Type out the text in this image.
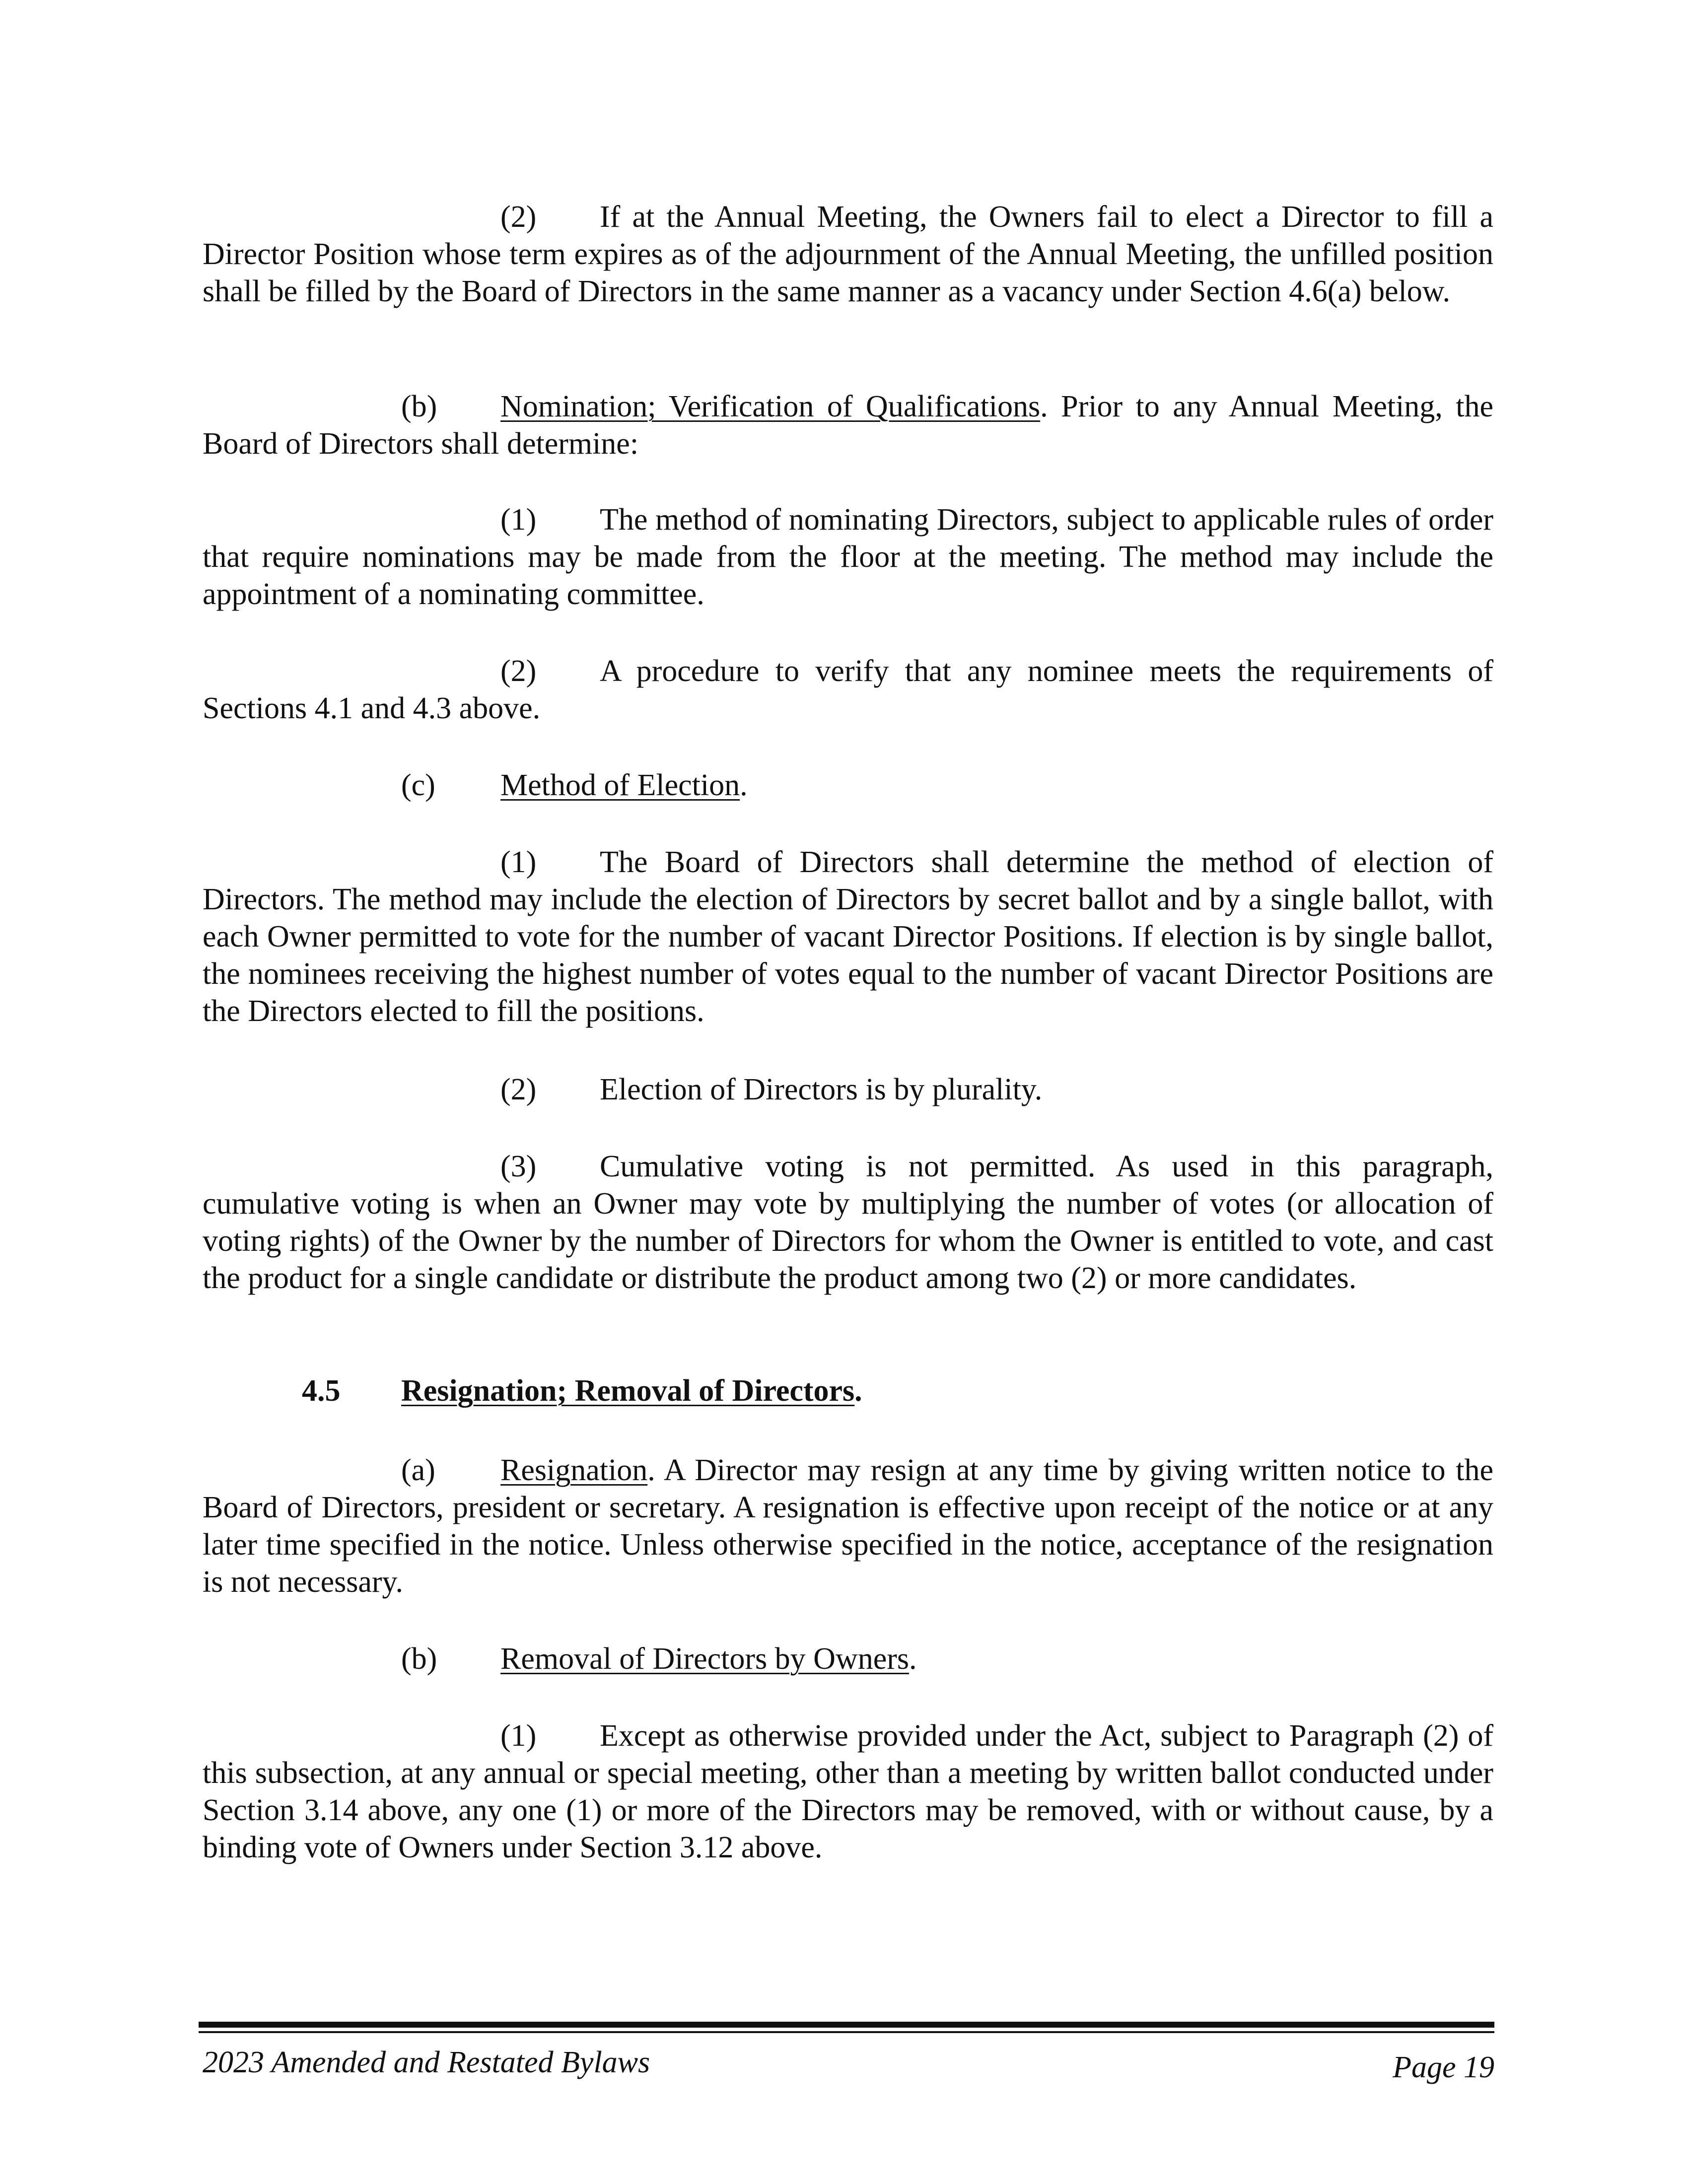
(2) If at the Annual Meeting, the Owners fail to elect a Director to fill a Director Position whose term expires as of the adjournment of the Annual Meeting, the unfilled position shall be filled by the Board of Directors in the same manner as a vacancy under Section 4.6(a) below.

(b) Nomination; Verification of Qualifications. Prior to any Annual Meeting, the Board of Directors shall determine:

(1) The method of nominating Directors, subject to applicable rules of order that require nominations may be made from the floor at the meeting. The method may include the appointment of a nominating committee.

(2) A procedure to verify that any nominee meets the requirements of Sections 4.1 and 4.3 above.

(c) Method of Election.

(1) The Board of Directors shall determine the method of election of Directors. The method may include the election of Directors by secret ballot and by a single ballot, with each Owner permitted to vote for the number of vacant Director Positions. If election is by single ballot, the nominees receiving the highest number of votes equal to the number of vacant Director Positions are the Directors elected to fill the positions.

(2) Election of Directors is by plurality.

(3) Cumulative voting is not permitted. As used in this paragraph, cumulative voting is when an Owner may vote by multiplying the number of votes (or allocation of voting rights) of the Owner by the number of Directors for whom the Owner is entitled to vote, and cast the product for a single candidate or distribute the product among two (2) or more candidates.

4.5 Resignation; Removal of Directors.

(a) Resignation. A Director may resign at any time by giving written notice to the Board of Directors, president or secretary. A resignation is effective upon receipt of the notice or at any later time specified in the notice. Unless otherwise specified in the notice, acceptance of the resignation is not necessary.

(b) Removal of Directors by Owners.

(1) Except as otherwise provided under the Act, subject to Paragraph (2) of this subsection, at any annual or special meeting, other than a meeting by written ballot conducted under Section 3.14 above, any one (1) or more of the Directors may be removed, with or without cause, by a binding vote of Owners under Section 3.12 above.

2023 Amended and Restated Bylaws	Page 19
